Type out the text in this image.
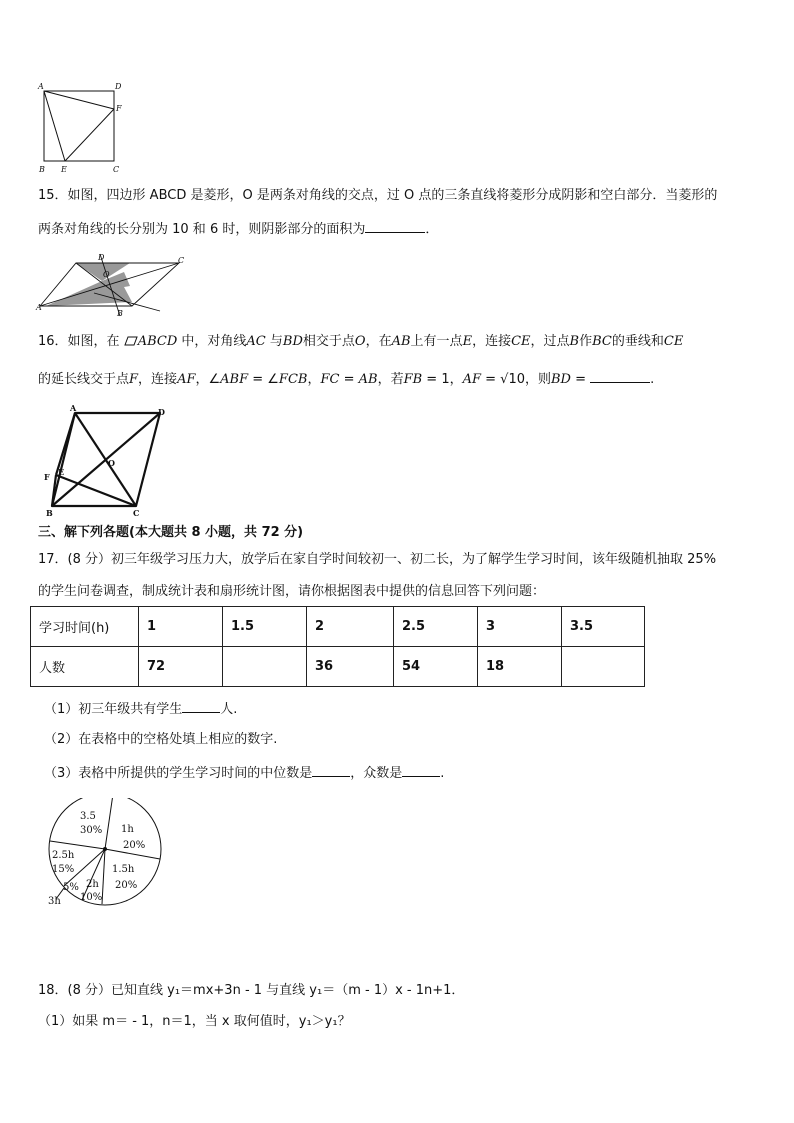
A	D
F
B E	C
15．如图，四边形 ABCD 是菱形，O 是两条对角线的交点，过 O 点的三条直线将菱形分成阴影和空白部分．当菱形的
两条对角线的长分别为 10 和 6 时，则阴影部分的面积为	．
D	C
O
A
B
16．如图，在 ABCD 中，对角线AC 与BD相交于点O，在AB上有一点E，连接CE，过点B作BC的垂线和CE
的延长线交于点F，连接AF，∠ABF = ∠FCB，FC = AB，若FB = 1，AF = √10，则BD =	.
A	D
O
F E
B	C
三、解下列各题(本大题共 8 小题，共 72 分)
17．(8 分）初三年级学习压力大，放学后在家自学时间较初一、初二长，为了解学生学习时间，该年级随机抽取 25%
的学生问卷调查，制成统计表和扇形统计图，请你根据图表中提供的信息回答下列问题：
学习时间(h)	1	1.5	2	2.5	3	3.5
人数	72		36	54	18	
（1）初三年级共有学生	人.
（2）在表格中的空格处填上相应的数字.
（3）表格中所提供的学生学习时间的中位数是	，众数是	.
3.5
30% 1h
20%
1.5h
20%
2h
10%
5%
3h
2.5h
15%
18．(8 分）已知直线 y₁＝mx+3n - 1 与直线 y₁＝（m - 1）x - 1n+1．
（1）如果 m＝ - 1，n＝1，当 x 取何值时，y₁＞y₁？
